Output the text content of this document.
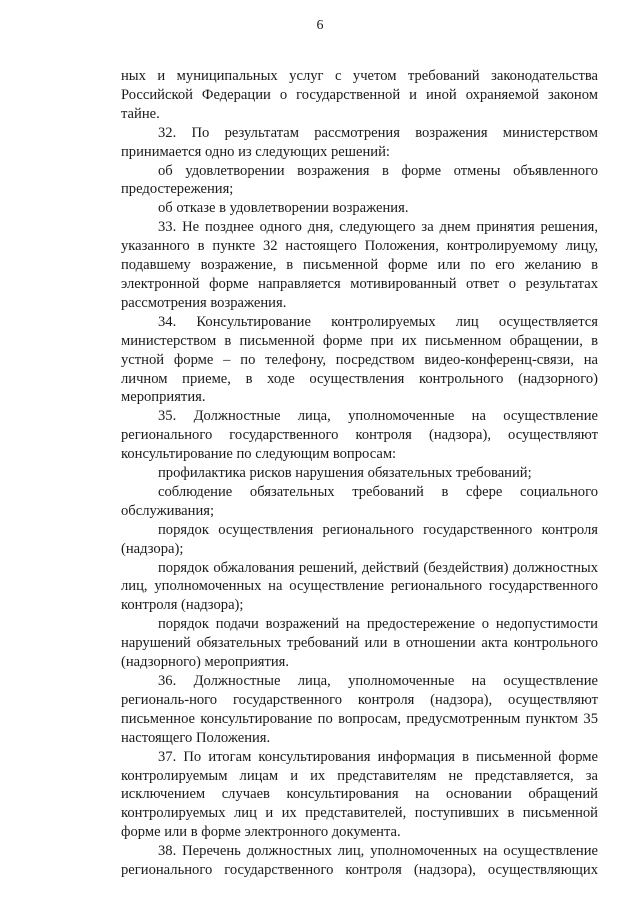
6

ных и муниципальных услуг с учетом требований законодательства Российской Федерации о государственной и иной охраняемой законом тайне.

32. По результатам рассмотрения возражения министерством принимается одно из следующих решений:

об удовлетворении возражения в форме отмены объявленного предостережения;

об отказе в удовлетворении возражения.

33. Не позднее одного дня, следующего за днем принятия решения, указанного в пункте 32 настоящего Положения, контролируемому лицу, подавшему возражение, в письменной форме или по его желанию в электронной форме направляется мотивированный ответ о результатах рассмотрения возражения.

34. Консультирование контролируемых лиц осуществляется министерством в письменной форме при их письменном обращении, в устной форме – по телефону, посредством видео-конференц-связи, на личном приеме, в ходе осуществления контрольного (надзорного) мероприятия.

35. Должностные лица, уполномоченные на осуществление регионального государственного контроля (надзора), осуществляют консультирование по следующим вопросам:

профилактика рисков нарушения обязательных требований;

соблюдение обязательных требований в сфере социального обслуживания;

порядок осуществления регионального государственного контроля (надзора);

порядок обжалования решений, действий (бездействия) должностных лиц, уполномоченных на осуществление регионального государственного контроля (надзора);

порядок подачи возражений на предостережение о недопустимости нарушений обязательных требований или в отношении акта контрольного (надзорного) мероприятия.

36. Должностные лица, уполномоченные на осуществление региональ-ного государственного контроля (надзора), осуществляют письменное консультирование по вопросам, предусмотренным пунктом 35 настоящего Положения.

37. По итогам консультирования информация в письменной форме контролируемым лицам и их представителям не представляется, за исключением случаев консультирования на основании обращений контролируемых лиц и их представителей, поступивших в письменной форме или в форме электронного документа.

38. Перечень должностных лиц, уполномоченных на осуществление регионального государственного контроля (надзора), осуществляющих
